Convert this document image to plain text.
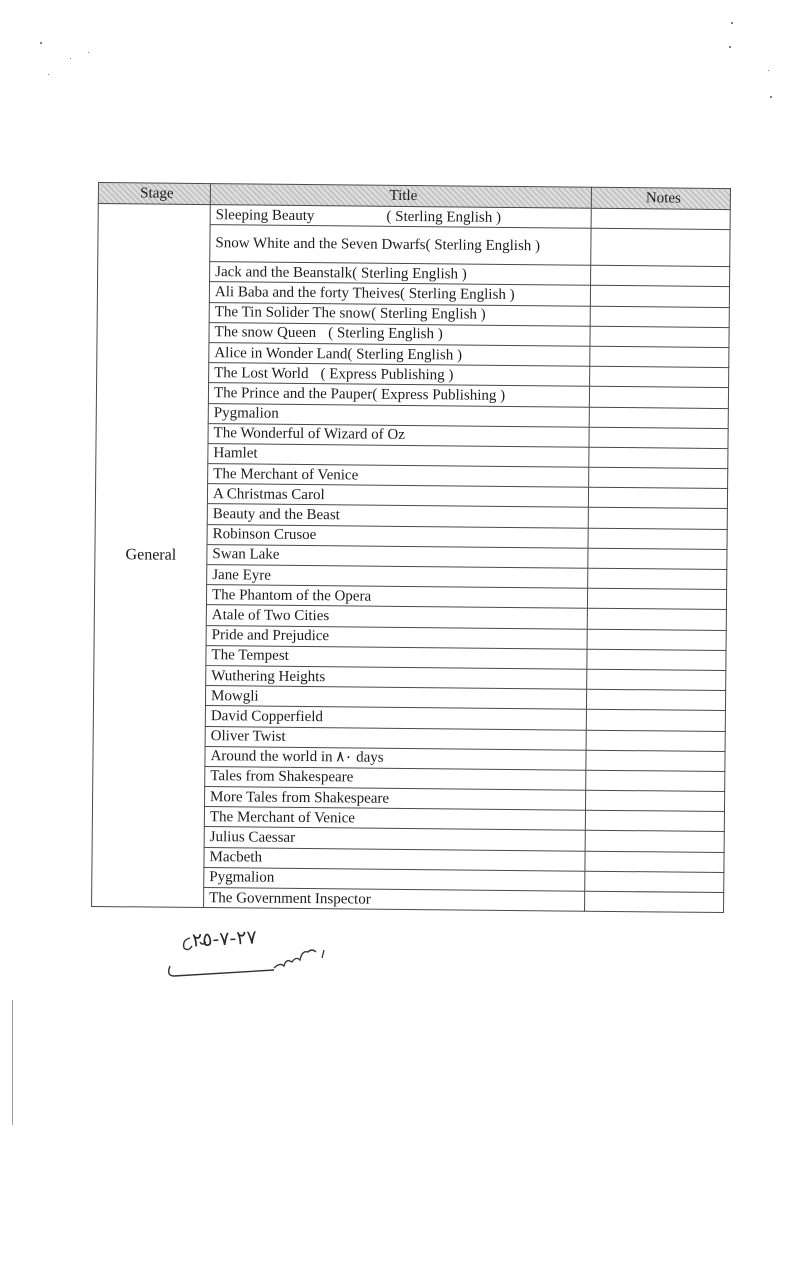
Stage	Title	Notes
General	Sleeping Beauty ( Sterling English )	
	Snow White and the Seven Dwarfs( Sterling English )	
	Jack and the Beanstalk( Sterling English )	
	Ali Baba and the forty Theives( Sterling English )	
	The Tin Solider The snow( Sterling English )	
	The snow Queen ( Sterling English )	
	Alice in Wonder Land( Sterling English )	
	The Lost World ( Express Publishing )	
	The Prince and the Pauper( Express Publishing )	
	Pygmalion	
	The Wonderful of Wizard of Oz	
	Hamlet	
	The Merchant of Venice	
	A Christmas Carol	
	Beauty and the Beast	
	Robinson Crusoe	
	Swan Lake	
	Jane Eyre	
	The Phantom of the Opera	
	Atale of Two Cities	
	Pride and Prejudice	
	The Tempest	
	Wuthering Heights	
	Mowgli	
	David Copperfield	
	Oliver Twist	
	Around the world in ٨٠ days	
	Tales from Shakespeare	
	More Tales from Shakespeare	
	The Merchant of Venice	
	Julius Caessar	
	Macbeth	
	Pygmalion	
	The Government Inspector	
٢٧-٧-٢٥
